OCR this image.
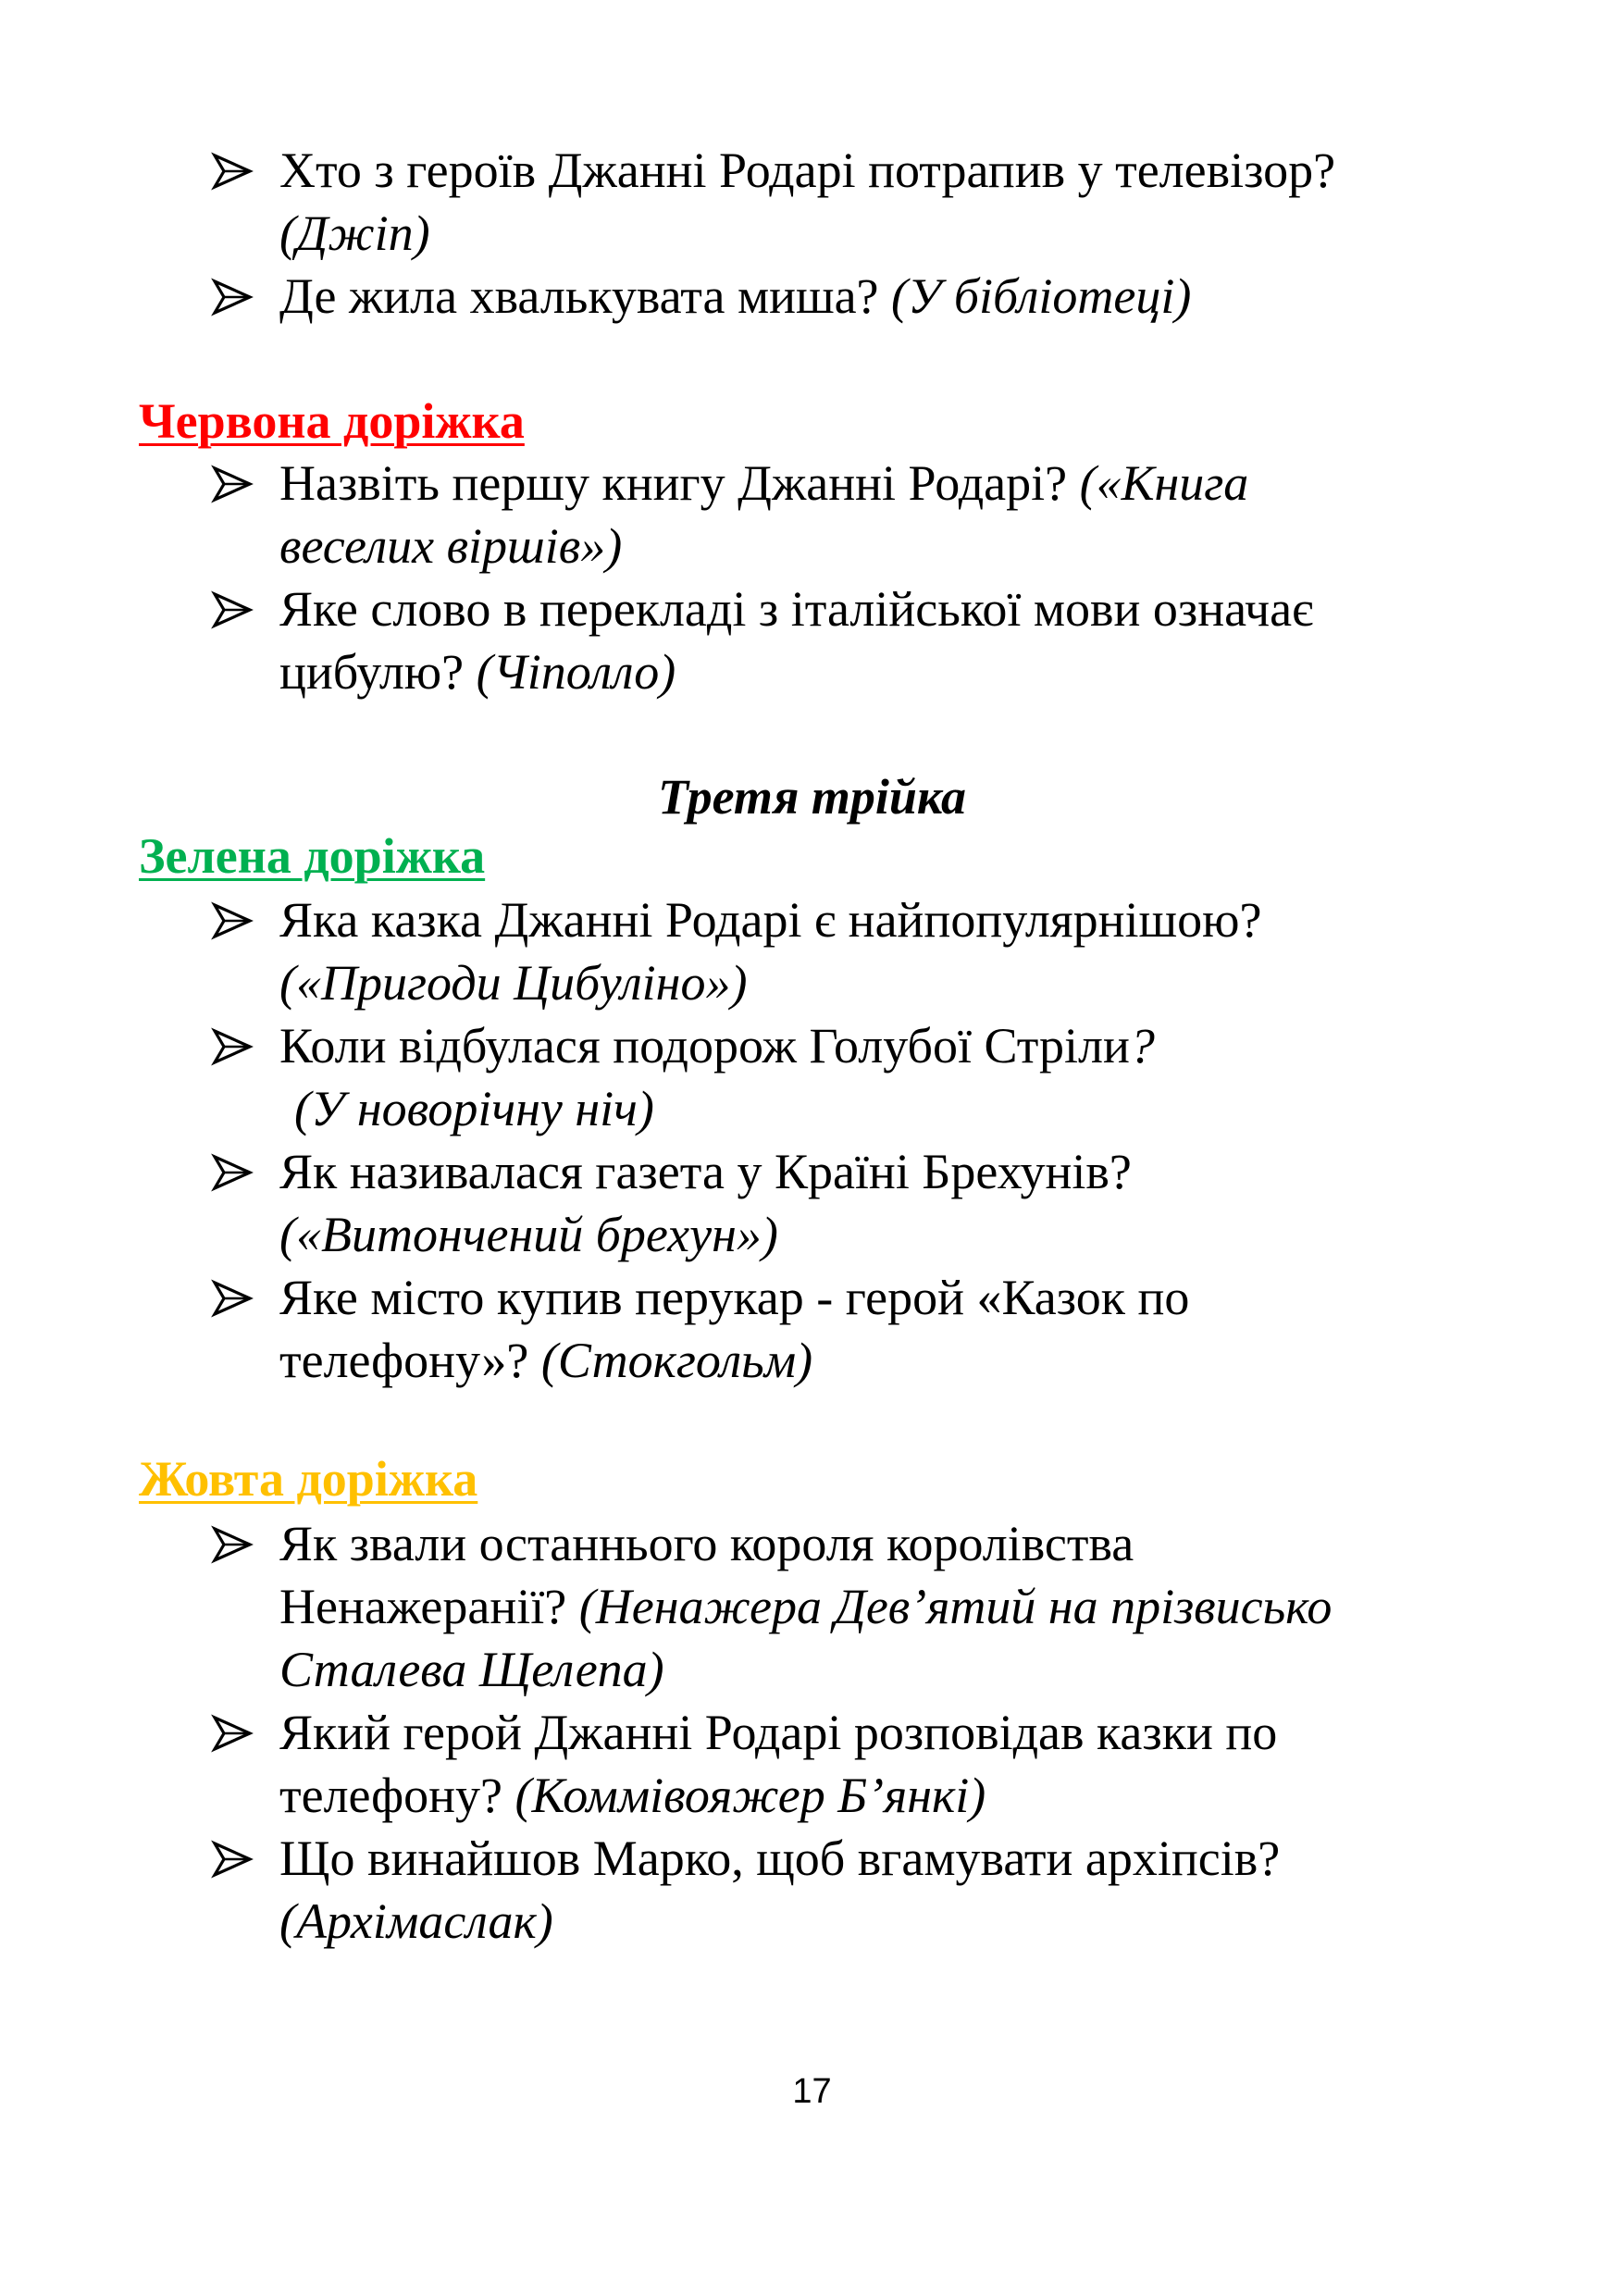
Хто з героїв Джанні Родарі потрапив у телевізор?
(Джіп)
Де жила хвалькувата миша? (У бібліотеці)
Червона доріжка
Назвіть першу книгу Джанні Родарі? («Книга
веселих віршів»)
Яке слово в перекладі з італійської мови означає
цибулю? (Чіполло)
Третя трійка
Зелена доріжка
Яка казка Джанні Родарі є найпопулярнішою?
(«Пригоди Цибуліно»)
Коли відбулася подорож Голубої Стріли?
(У новорічну ніч)
Як називалася газета у Країні Брехунів?
(«Витончений брехун»)
Яке місто купив перукар - герой «Казок по
телефону»? (Стокгольм)
Жовта доріжка
Як звали останнього короля королівства
Ненажеранії? (Ненажера Дев’ятий на прізвисько
Сталева Щелепа)
Який герой Джанні Родарі розповідав казки по
телефону? (Коммівояжер Б’янкі)
Що винайшов Марко, щоб вгамувати архіпсів?
(Архімаслак)
17
